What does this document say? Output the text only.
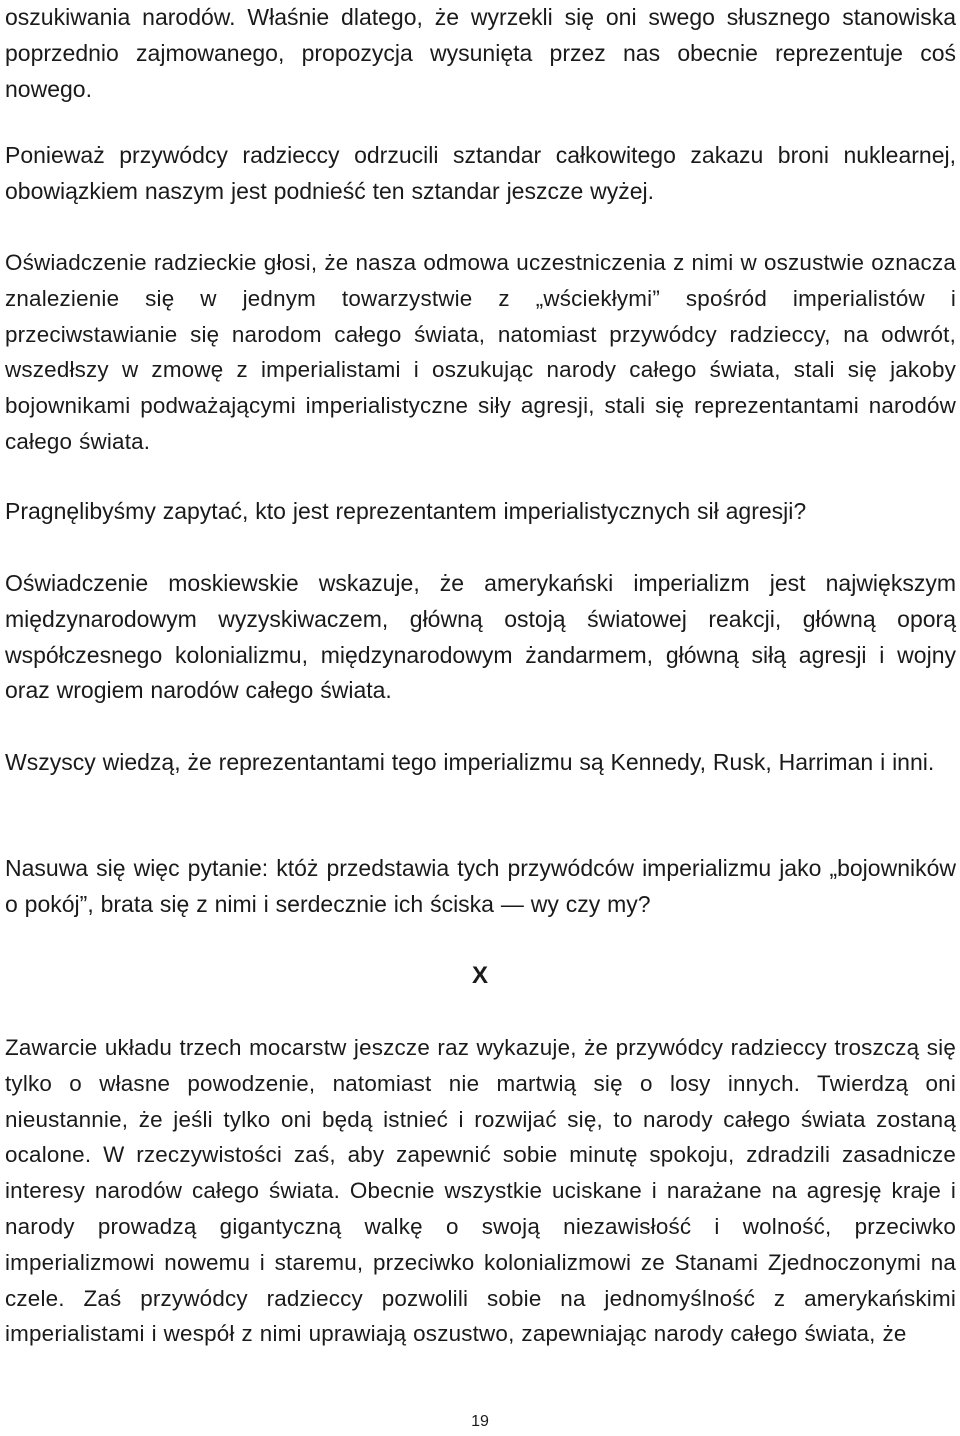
oszukiwania narodów. Właśnie dlatego, że wyrzekli się oni swego słusznego stanowiska poprzednio zajmowanego, propozycja wysunięta przez nas obecnie reprezentuje coś nowego.

Ponieważ przywódcy radzieccy odrzucili sztandar całkowitego zakazu broni nuklearnej, obowiązkiem naszym jest podnieść ten sztandar jeszcze wyżej.

Oświadczenie radzieckie głosi, że nasza odmowa uczestniczenia z nimi w oszustwie oznacza znalezienie się w jednym towarzystwie z „wściekłymi” spośród imperialistów i przeciwstawianie się narodom całego świata, natomiast przywódcy radzieccy, na odwrót, wszedłszy w zmowę z imperialistami i oszukując narody całego świata, stali się jakoby bojownikami podważającymi imperialistyczne siły agresji, stali się reprezentantami narodów całego świata.

Pragnęlibyśmy zapytać, kto jest reprezentantem imperialistycznych sił agresji?

Oświadczenie moskiewskie wskazuje, że amerykański imperializm jest największym międzynarodowym wyzyskiwaczem, główną ostoją światowej reakcji, główną oporą współczesnego kolonializmu, międzynarodowym żandarmem, główną siłą agresji i wojny oraz wrogiem narodów całego świata.

Wszyscy wiedzą, że reprezentantami tego imperializmu są Kennedy, Rusk, Harriman i inni.

Nasuwa się więc pytanie: któż przedstawia tych przywódców imperializmu jako „bojowników o pokój”, brata się z nimi i serdecznie ich ściska — wy czy my?

X

Zawarcie układu trzech mocarstw jeszcze raz wykazuje, że przywódcy radzieccy troszczą się tylko o własne powodzenie, natomiast nie martwią się o losy innych. Twierdzą oni nieustannie, że jeśli tylko oni będą istnieć i rozwijać się, to narody całego świata zostaną ocalone. W rzeczywistości zaś, aby zapewnić sobie minutę spokoju, zdradzili zasadnicze interesy narodów całego świata. Obecnie wszystkie uciskane i narażane na agresję kraje i narody prowadzą gigantyczną walkę o swoją niezawisłość i wolność, przeciwko imperializmowi nowemu i staremu, przeciwko kolonializmowi ze Stanami Zjednoczonymi na czele. Zaś przywódcy radzieccy pozwolili sobie na jednomyślność z amerykańskimi imperialistami i wespół z nimi uprawiają oszustwo, zapewniając narody całego świata, że

19
